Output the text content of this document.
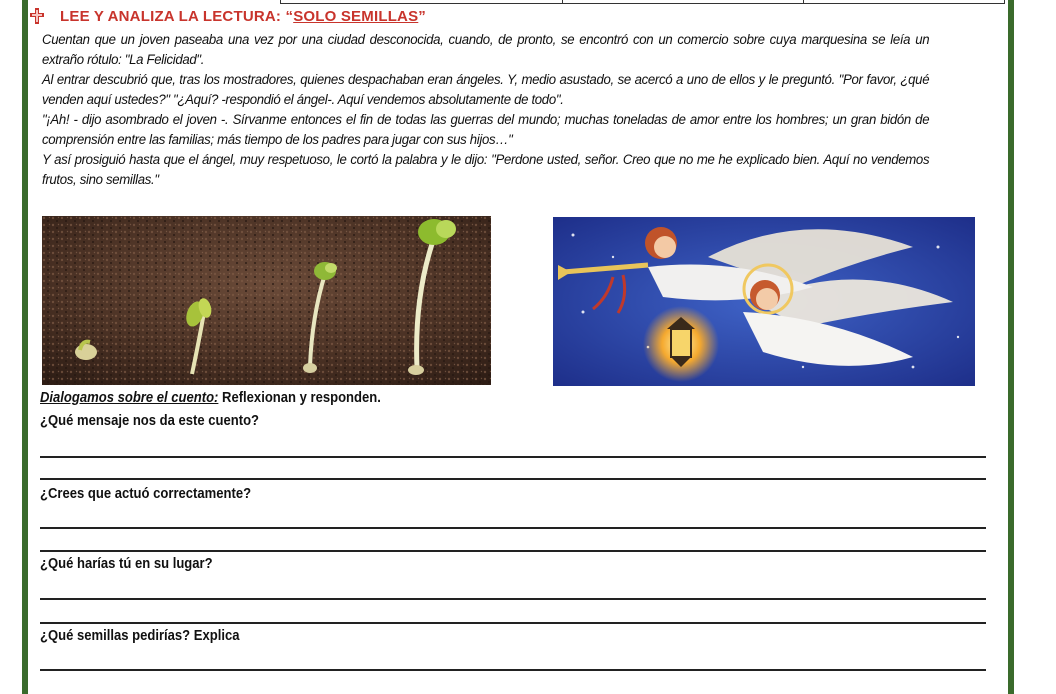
LEE Y ANALIZA LA LECTURA: “ SOLO SEMILLAS ”

Cuentan que un joven paseaba una vez por una ciudad desconocida, cuando, de pronto, se encontró con un comercio sobre cuya marquesina se leía un extraño rótulo: "La Felicidad".

Al entrar descubrió que, tras los mostradores, quienes despachaban eran ángeles. Y, medio asustado, se acercó a uno de ellos y le preguntó. "Por favor, ¿qué venden aquí ustedes?" "¿Aquí? -respondió el ángel-. Aquí vendemos absolutamente de todo".

"¡Ah! - dijo asombrado el joven -. Sírvanme entonces el fin de todas las guerras del mundo; muchas toneladas de amor entre los hombres; un gran bidón de comprensión entre las familias; más tiempo de los padres para jugar con sus hijos…"

Y así prosiguió hasta que el ángel, muy respetuoso, le cortó la palabra y le dijo: "Perdone usted, señor. Creo que no me he explicado bien. Aquí no vendemos frutos, sino semillas."

Dialogamos sobre el cuento: Reflexionan y responden.
¿Qué mensaje nos da este cuento?
¿Crees que actuó correctamente?
¿Qué harías tú en su lugar?
¿Qué semillas pedirías? Explica
